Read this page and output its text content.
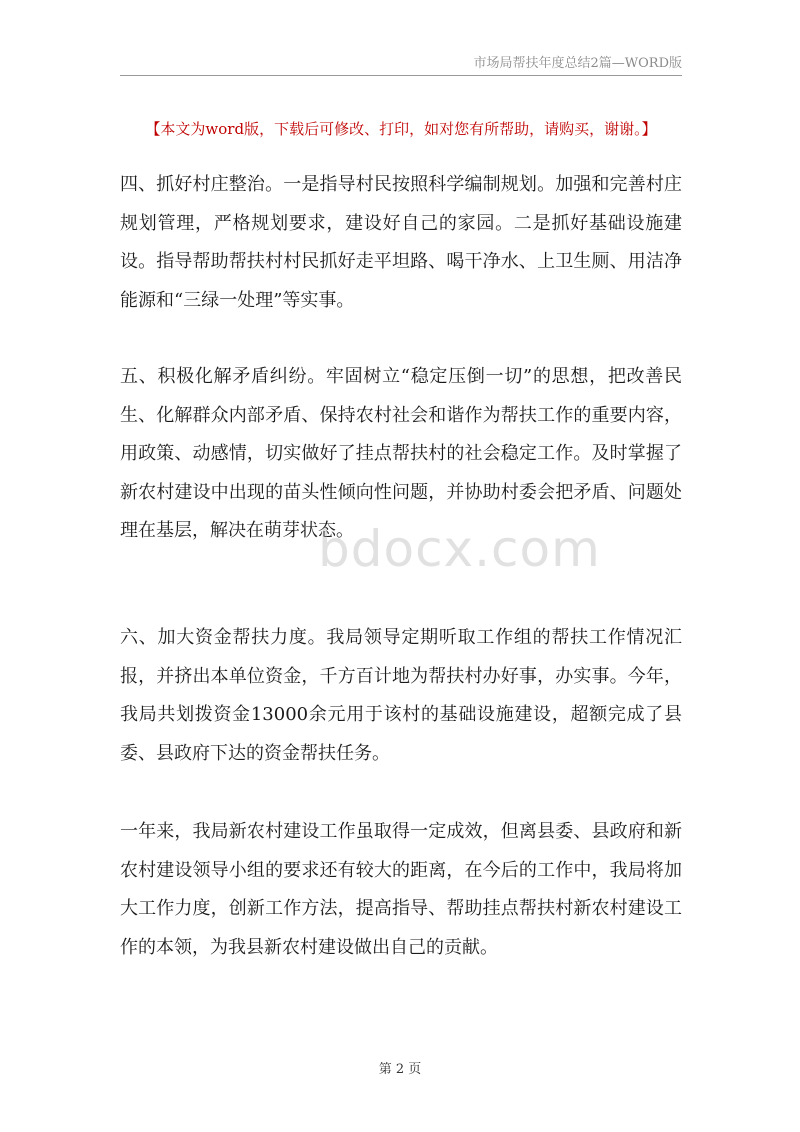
市场局帮扶年度总结2篇—WORD版
【本文为word版，下载后可修改、打印，如对您有所帮助，请购买，谢谢。】

四、抓好村庄整治。一是指导村民按照科学编制规划。加强和完善村庄规划管理，严格规划要求，建设好自己的家园。二是抓好基础设施建设。指导帮助帮扶村村民抓好走平坦路、喝干净水、上卫生厕、用洁净能源和“三绿一处理”等实事。

五、积极化解矛盾纠纷。牢固树立“稳定压倒一切”的思想，把改善民生、化解群众内部矛盾、保持农村社会和谐作为帮扶工作的重要内容，用政策、动感情，切实做好了挂点帮扶村的社会稳定工作。及时掌握了新农村建设中出现的苗头性倾向性问题，并协助村委会把矛盾、问题处理在基层，解决在萌芽状态。

六、加大资金帮扶力度。我局领导定期听取工作组的帮扶工作情况汇报，并挤出本单位资金，千方百计地为帮扶村办好事，办实事。今年，我局共划拨资金13000余元用于该村的基础设施建设，超额完成了县委、县政府下达的资金帮扶任务。

一年来，我局新农村建设工作虽取得一定成效，但离县委、县政府和新农村建设领导小组的要求还有较大的距离，在今后的工作中，我局将加大工作力度，创新工作方法，提高指导、帮助挂点帮扶村新农村建设工作的本领，为我县新农村建设做出自己的贡献。

bdocx.com
第 2 页
